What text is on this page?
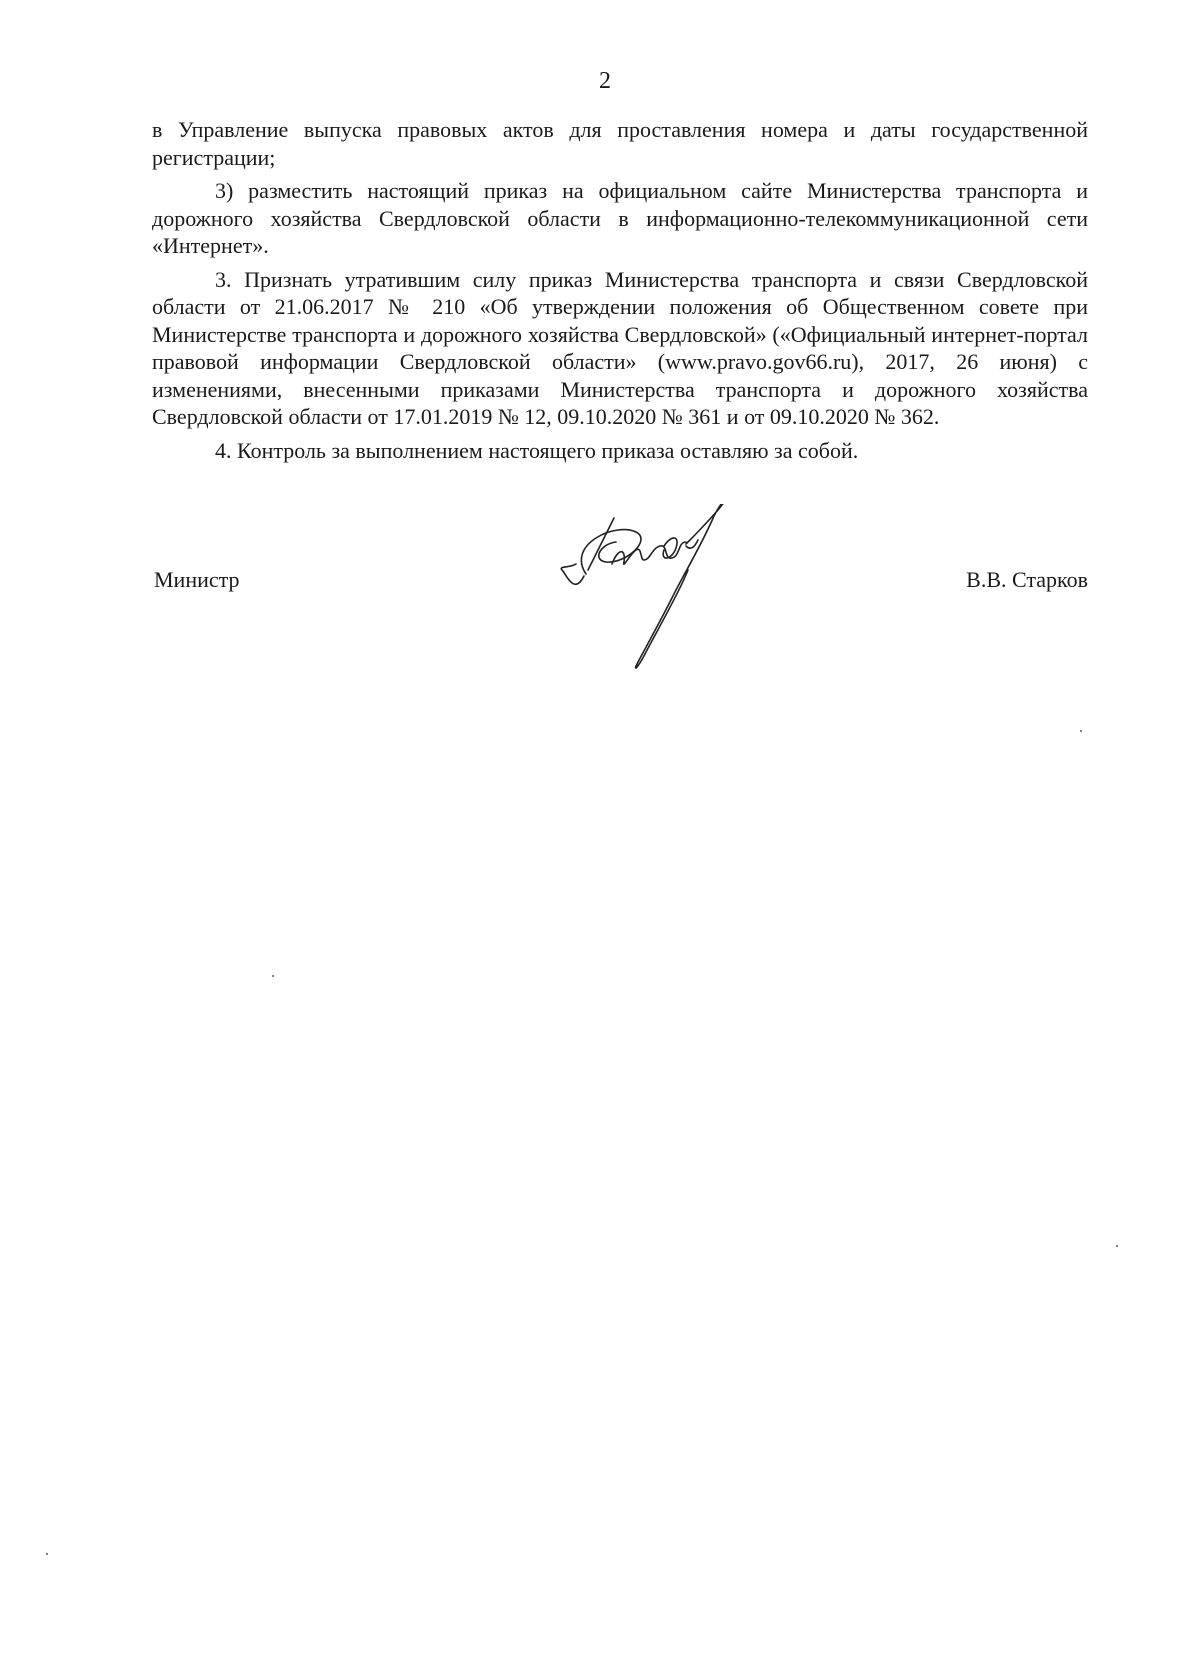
2

в Управление выпуска правовых актов для проставления номера и даты государственной регистрации;

3) разместить настоящий приказ на официальном сайте Министерства транспорта и дорожного хозяйства Свердловской области в информационно-телекоммуникационной сети «Интернет».

3. Признать утратившим силу приказ Министерства транспорта и связи Свердловской области от 21.06.2017 № 210 «Об утверждении положения об Общественном совете при Министерстве транспорта и дорожного хозяйства Свердловской» («Официальный интернет-портал правовой информации Свердловской области» (www.pravo.gov66.ru), 2017, 26 июня) с изменениями, внесенными приказами Министерства транспорта и дорожного хозяйства Свердловской области от 17.01.2019 № 12, 09.10.2020 № 361 и от 09.10.2020 № 362.

4. Контроль за выполнением настоящего приказа оставляю за собой.

Министр	В.В. Старков
